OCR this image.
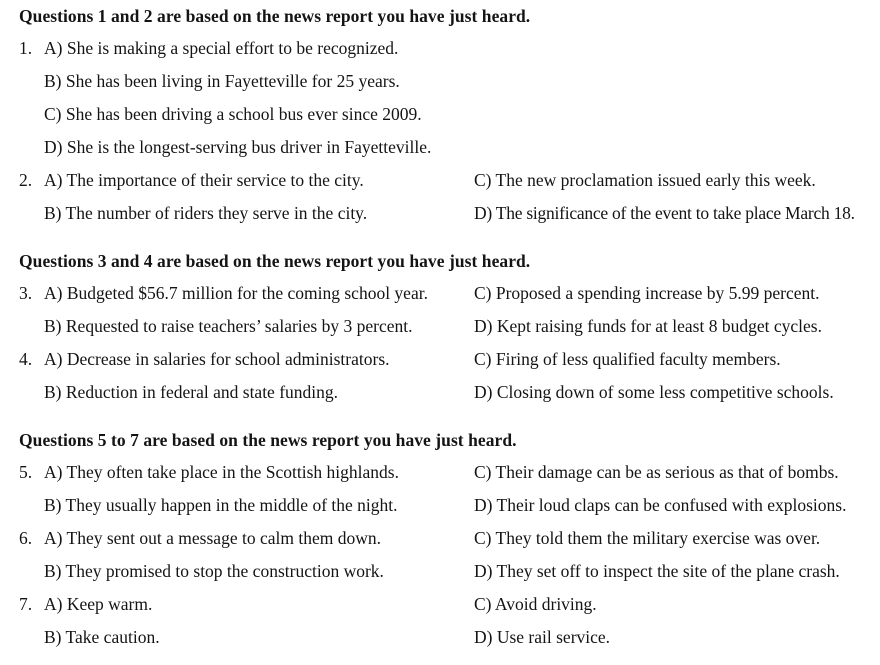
Questions 1 and 2 are based on the news report you have just heard.
1. A) She is making a special effort to be recognized.
B) She has been living in Fayetteville for 25 years.
C) She has been driving a school bus ever since 2009.
D) She is the longest-serving bus driver in Fayetteville.
2. A) The importance of their service to the city.	C) The new proclamation issued early this week.
B) The number of riders they serve in the city.	D) The significance of the event to take place March 18.
Questions 3 and 4 are based on the news report you have just heard.
3. A) Budgeted $56.7 million for the coming school year.	C) Proposed a spending increase by 5.99 percent.
B) Requested to raise teachers’ salaries by 3 percent.	D) Kept raising funds for at least 8 budget cycles.
4. A) Decrease in salaries for school administrators.	C) Firing of less qualified faculty members.
B) Reduction in federal and state funding.	D) Closing down of some less competitive schools.
Questions 5 to 7 are based on the news report you have just heard.
5. A) They often take place in the Scottish highlands.	C) Their damage can be as serious as that of bombs.
B) They usually happen in the middle of the night.	D) Their loud claps can be confused with explosions.
6. A) They sent out a message to calm them down.	C) They told them the military exercise was over.
B) They promised to stop the construction work.	D) They set off to inspect the site of the plane crash.
7. A) Keep warm.	C) Avoid driving.
B) Take caution.	D) Use rail service.
